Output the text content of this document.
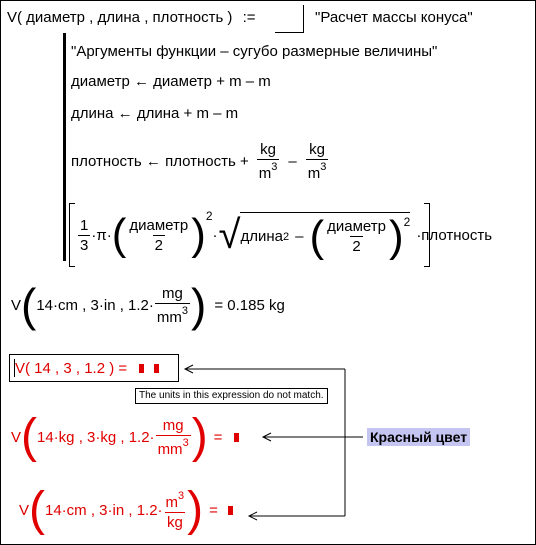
V( диаметр , длина , плотность ) :=	"Расчет массы конуса"
"Аргументы функции – сугубо размерные величины"
диаметр ← диаметр + m – m
длина ← длина + m – m
плотность ← плотность + $\frac{kg}{m^3} - \frac{kg}{m^3}$
$\frac{1}{3} \cdot\pi\cdot$ ( $\frac{\text{диаметр}}{2}$ ) 2
· √ длина 2 – ( $\frac{\text{диаметр}}{2}$ ) 2
·плотность
V ( 14·cm , 3·in , $1.2\cdot \frac{mg}{mm^3}$ ) = 0.185 kg
V( 14 , 3 , 1.2 ) =
The units in this expression do not match.
V ( 14·kg , 3·kg , $1.2\cdot \frac{mg}{mm^3}$ ) =
V ( 14·cm , 3·in , $1.2\cdot \frac{m^3}{kg}$ ) =
Красный цвет
